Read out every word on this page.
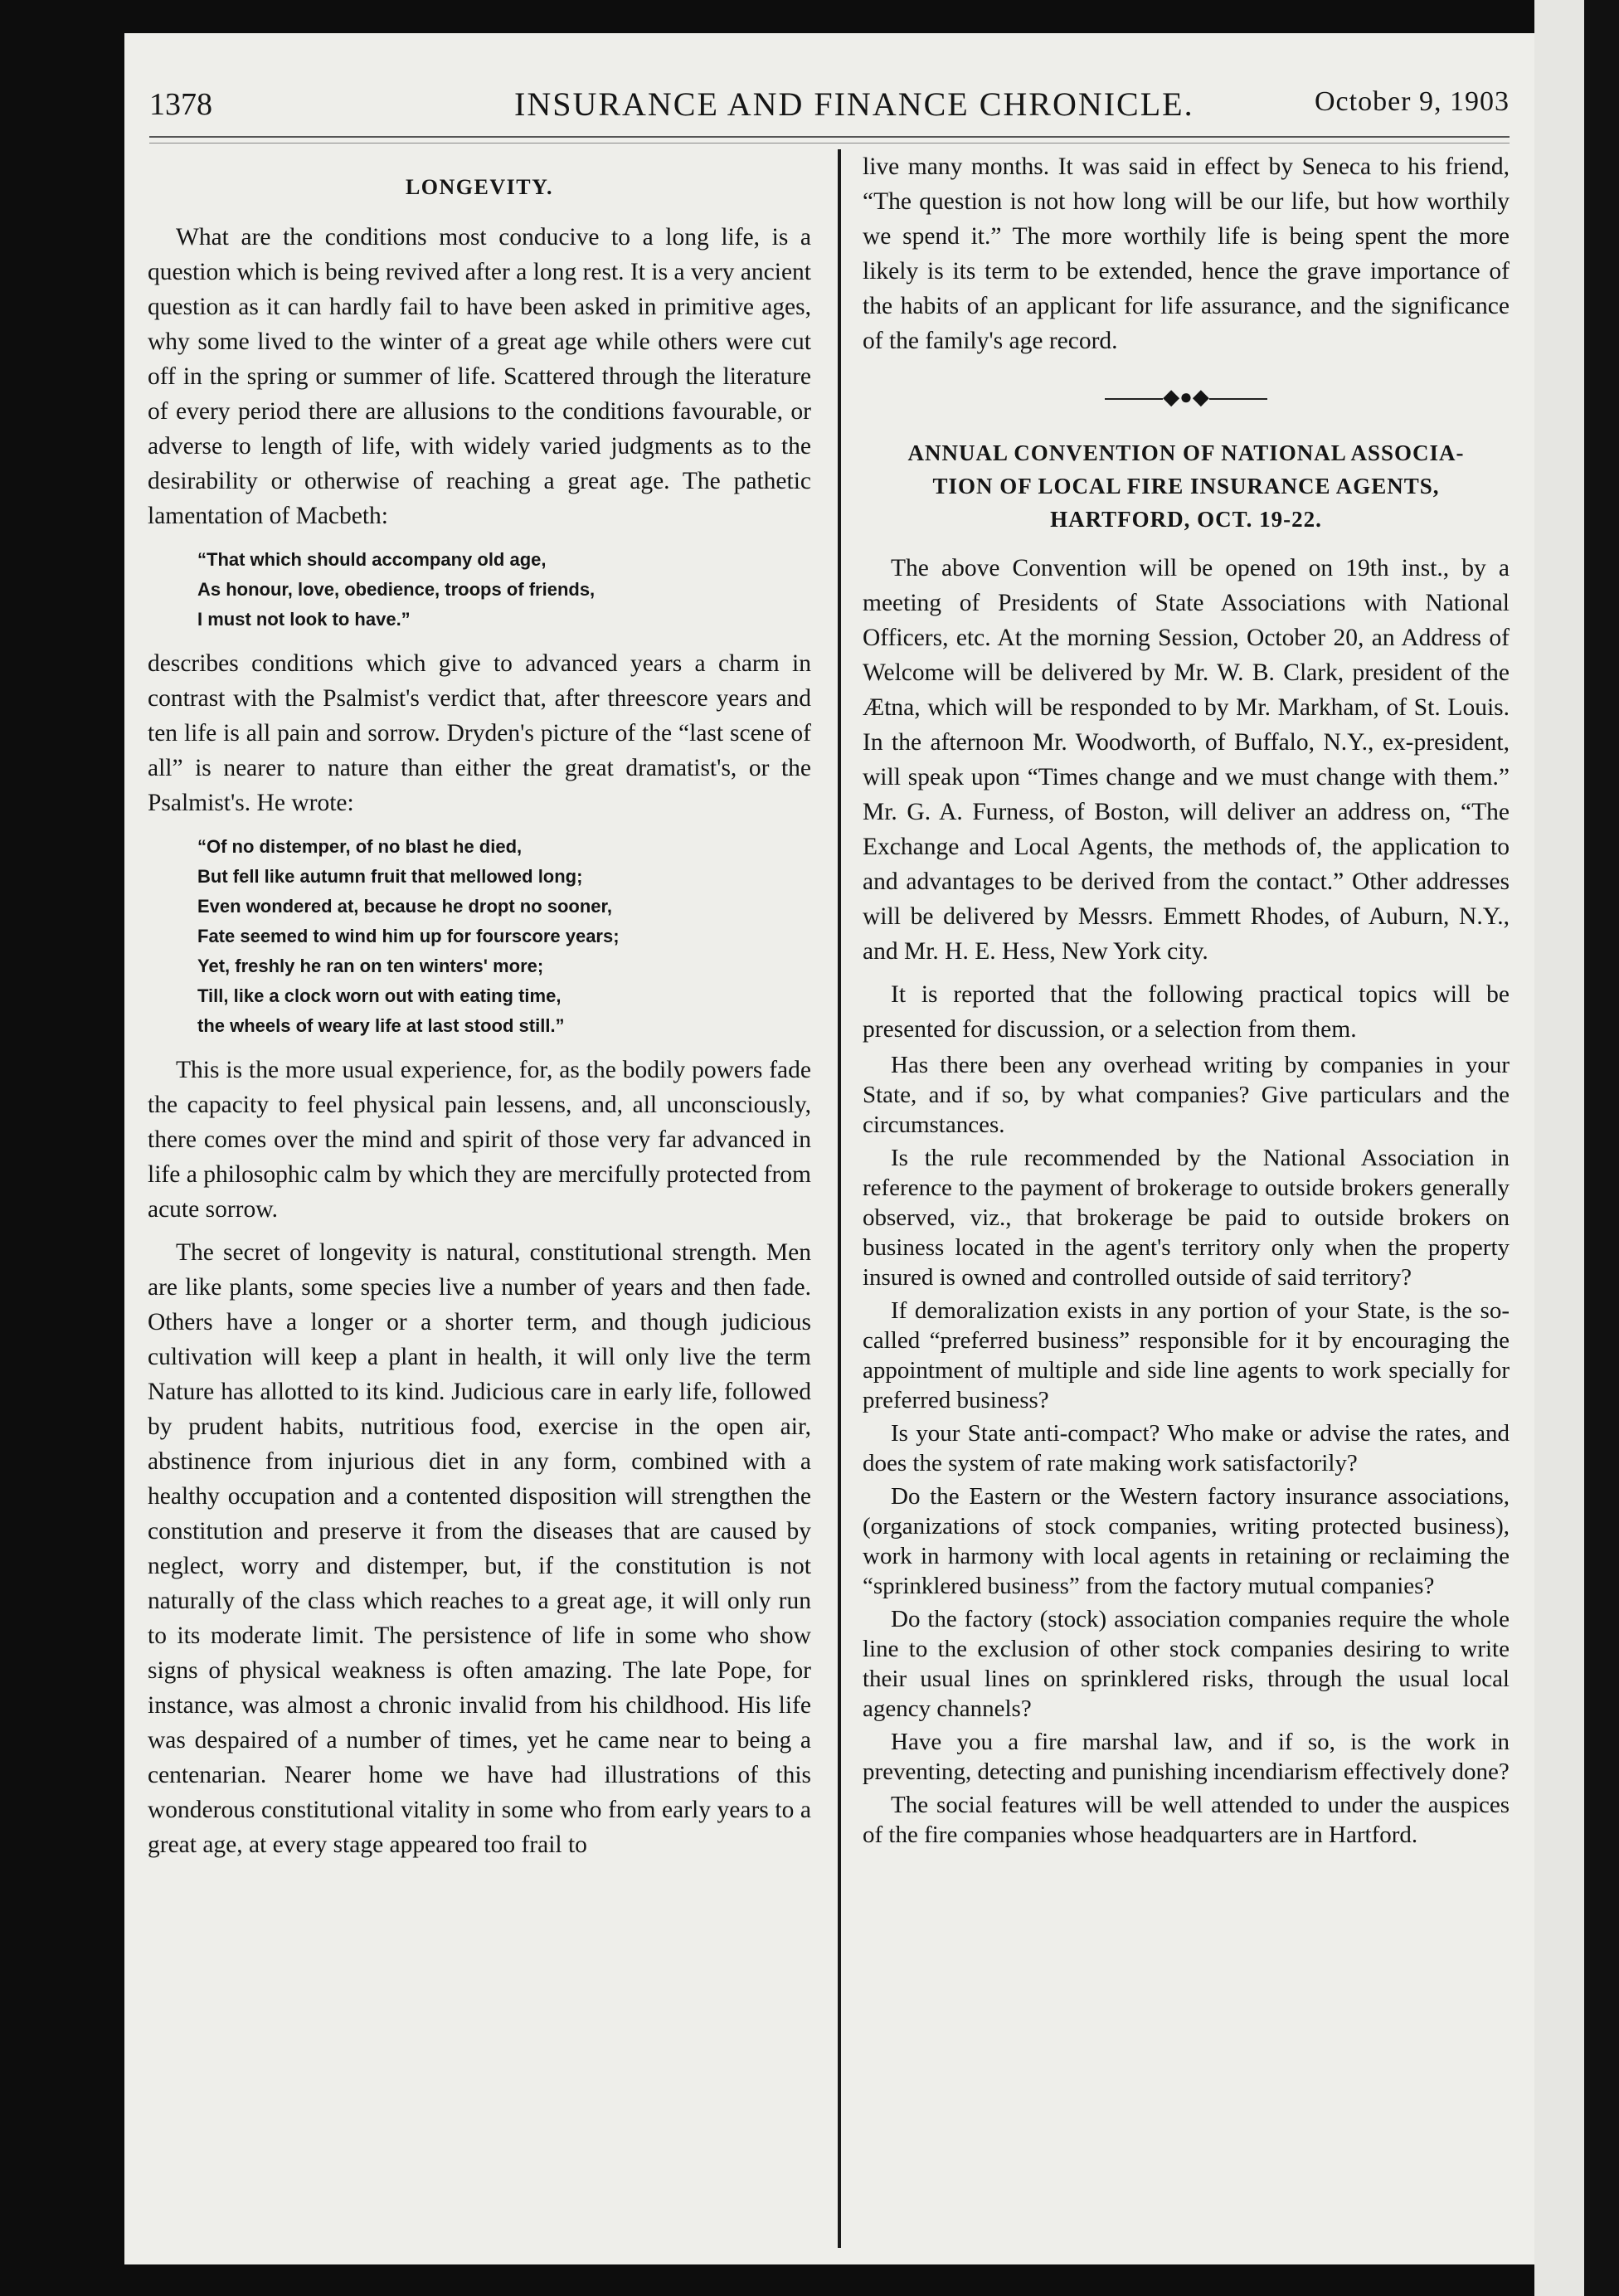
1378	INSURANCE AND FINANCE CHRONICLE.	October 9, 1903
LONGEVITY.

What are the conditions most conducive to a long life, is a question which is being revived after a long rest. It is a very ancient question as it can hardly fail to have been asked in primitive ages, why some lived to the winter of a great age while others were cut off in the spring or summer of life. Scattered through the literature of every period there are allusions to the conditions favourable, or adverse to length of life, with widely varied judgments as to the desirability or otherwise of reaching a great age. The pathetic lamentation of Macbeth:

“That which should accompany old age,
As honour, love, obedience, troops of friends,
I must not look to have.”

describes conditions which give to advanced years a charm in contrast with the Psalmist's verdict that, after threescore years and ten life is all pain and sorrow. Dryden's picture of the “last scene of all” is nearer to nature than either the great dramatist's, or the Psalmist's. He wrote:

“Of no distemper, of no blast he died,
But fell like autumn fruit that mellowed long;
Even wondered at, because he dropt no sooner,
Fate seemed to wind him up for fourscore years;
Yet, freshly he ran on ten winters' more;
Till, like a clock worn out with eating time,
the wheels of weary life at last stood still.”

This is the more usual experience, for, as the bodily powers fade the capacity to feel physical pain lessens, and, all unconsciously, there comes over the mind and spirit of those very far advanced in life a philosophic calm by which they are mercifully protected from acute sorrow.

The secret of longevity is natural, constitutional strength. Men are like plants, some species live a number of years and then fade. Others have a longer or a shorter term, and though judicious cultivation will keep a plant in health, it will only live the term Nature has allotted to its kind. Judicious care in early life, followed by prudent habits, nutritious food, exercise in the open air, abstinence from injurious diet in any form, combined with a healthy occupation and a contented disposition will strengthen the constitution and preserve it from the diseases that are caused by neglect, worry and distemper, but, if the constitution is not naturally of the class which reaches to a great age, it will only run to its moderate limit. The persistence of life in some who show signs of physical weakness is often amazing. The late Pope, for instance, was almost a chronic invalid from his childhood. His life was despaired of a number of times, yet he came near to being a centenarian. Nearer home we have had illustrations of this wonderous constitutional vitality in some who from early years to a great age, at every stage appeared too frail to

live many months. It was said in effect by Seneca to his friend, “The question is not how long will be our life, but how worthily we spend it.” The more worthily life is being spent the more likely is its term to be extended, hence the grave importance of the habits of an applicant for life assurance, and the significance of the family's age record.

◆●◆
ANNUAL CONVENTION OF NATIONAL ASSOCIA-
TION OF LOCAL FIRE INSURANCE AGENTS,
HARTFORD, OCT. 19-22.

The above Convention will be opened on 19th inst., by a meeting of Presidents of State Associations with National Officers, etc. At the morning Session, October 20, an Address of Welcome will be delivered by Mr. W. B. Clark, president of the Ætna, which will be responded to by Mr. Markham, of St. Louis. In the afternoon Mr. Woodworth, of Buffalo, N.Y., ex-president, will speak upon “Times change and we must change with them.” Mr. G. A. Furness, of Boston, will deliver an address on, “The Exchange and Local Agents, the methods of, the application to and advantages to be derived from the contact.” Other addresses will be delivered by Messrs. Emmett Rhodes, of Auburn, N.Y., and Mr. H. E. Hess, New York city.

It is reported that the following practical topics will be presented for discussion, or a selection from them.

Has there been any overhead writing by companies in your State, and if so, by what companies? Give particulars and the circumstances.

Is the rule recommended by the National Association in reference to the payment of brokerage to outside brokers generally observed, viz., that brokerage be paid to outside brokers on business located in the agent's territory only when the property insured is owned and controlled outside of said territory?

If demoralization exists in any portion of your State, is the so-called “preferred business” responsible for it by encouraging the appointment of multiple and side line agents to work specially for preferred business?

Is your State anti-compact? Who make or advise the rates, and does the system of rate making work satisfactorily?

Do the Eastern or the Western factory insurance associations, (organizations of stock companies, writing protected business), work in harmony with local agents in retaining or reclaiming the “sprinklered business” from the factory mutual companies?

Do the factory (stock) association companies require the whole line to the exclusion of other stock companies desiring to write their usual lines on sprinklered risks, through the usual local agency channels?

Have you a fire marshal law, and if so, is the work in preventing, detecting and punishing incendiarism effectively done?

The social features will be well attended to under the auspices of the fire companies whose headquarters are in Hartford.
